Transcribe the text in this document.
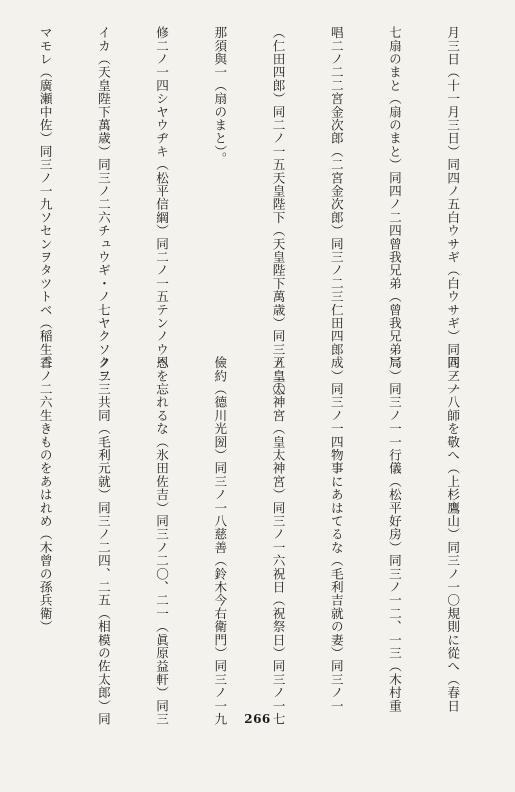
月三日（十一月三日）同四ノ五白ウサギ（白ウサギ）同四ノ一

七扇のまと（扇のまと）同四ノ二四曾我兄弟（曾我兄弟）。

唱二ノ二二宮金次郎（二宮金次郎）同三ノ二三仁田四郎

（仁田四郎）同二ノ一五天皇陛下（天皇陛下萬歳）同三ノ二〇

那須與一（扇のまと）。

修二ノ一四シヤウヂキ（松平信綱）同二ノ一五テンノウヘ

イカ（天皇陛下萬歳）同三ノ二六チュウギ・ノ七ヤクソクヲ

マモレ（廣瀬中佐）同三ノ一九ソセンヲタツトベ（稲生香

同三ノ八師を敬へ（上杉鷹山）同三ノ一〇規則に從へ（春日

局）同三ノ一一行儀（松平好房）同三ノ一二、一三（木村重

成）同三ノ一四物事にあはてるな（毛利吉就の妻）同三ノ一

五皇太神宮（皇太神宮）同三ノ一六祝日（祝祭日）同三ノ一七

儉約（德川光圀）同三ノ一八慈善（鈴木今右衛門）同三ノ一九

恩を忘れるな（氷田佐吉）同三ノ二〇、二一（眞原益軒）同三

ノ二三共同（毛利元就）同三ノ二四、二五（相模の佐太郎）同

三ノ二六生きものをあはれめ（木曾の孫兵衛）

266
